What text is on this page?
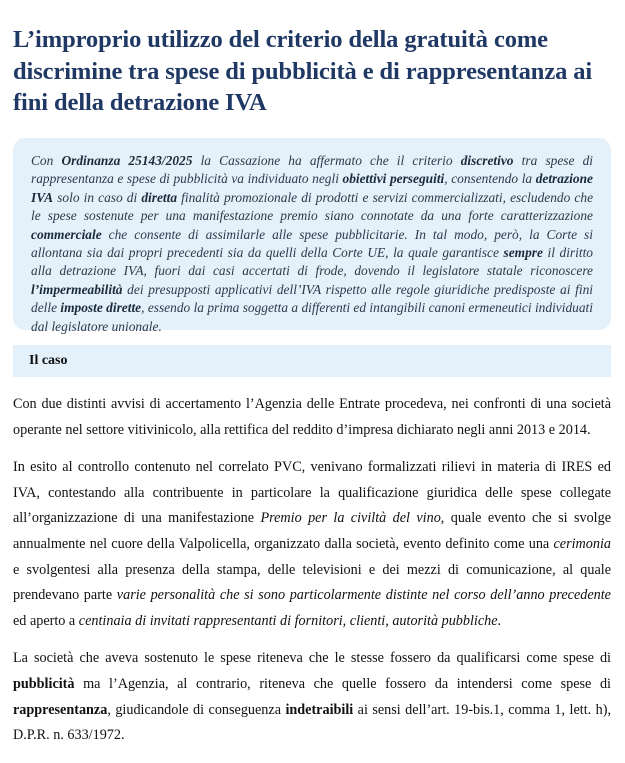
L’improprio utilizzo del criterio della gratuità come discrimine tra spese di pubblicità e di rappresentanza ai fini della detrazione IVA
Con Ordinanza 25143/2025 la Cassazione ha affermato che il criterio discretivo tra spese di rappresentanza e spese di pubblicità va individuato negli obiettivi perseguiti, consentendo la detrazione IVA solo in caso di diretta finalità promozionale di prodotti e servizi commercializzati, escludendo che le spese sostenute per una manifestazione premio siano connotate da una forte caratterizzazione commerciale che consente di assimilarle alle spese pubblicitarie. In tal modo, però, la Corte si allontana sia dai propri precedenti sia da quelli della Corte UE, la quale garantisce sempre il diritto alla detrazione IVA, fuori dai casi accertati di frode, dovendo il legislatore statale riconoscere l’impermeabilità dei presupposti applicativi dell’IVA rispetto alle regole giuridiche predisposte ai fini delle imposte dirette, essendo la prima soggetta a differenti ed intangibili canoni ermeneutici individuati dal legislatore unionale.
Il caso

Con due distinti avvisi di accertamento l’Agenzia delle Entrate procedeva, nei confronti di una società operante nel settore vitivinicolo, alla rettifica del reddito d’impresa dichiarato negli anni 2013 e 2014.

In esito al controllo contenuto nel correlato PVC, venivano formalizzati rilievi in materia di IRES ed IVA, contestando alla contribuente in particolare la qualificazione giuridica delle spese collegate all’organizzazione di una manifestazione Premio per la civiltà del vino, quale evento che si svolge annualmente nel cuore della Valpolicella, organizzato dalla società, evento definito come una cerimonia e svolgentesi alla presenza della stampa, delle televisioni e dei mezzi di comunicazione, al quale prendevano parte varie personalità che si sono particolarmente distinte nel corso dell’anno precedente ed aperto a centinaia di invitati rappresentanti di fornitori, clienti, autorità pubbliche.

La società che aveva sostenuto le spese riteneva che le stesse fossero da qualificarsi come spese di pubblicità ma l’Agenzia, al contrario, riteneva che quelle fossero da intendersi come spese di rappresentanza, giudicandole di conseguenza indetraibili ai sensi dell’art. 19-bis.1, comma 1, lett. h), D.P.R. n. 633/1972.
